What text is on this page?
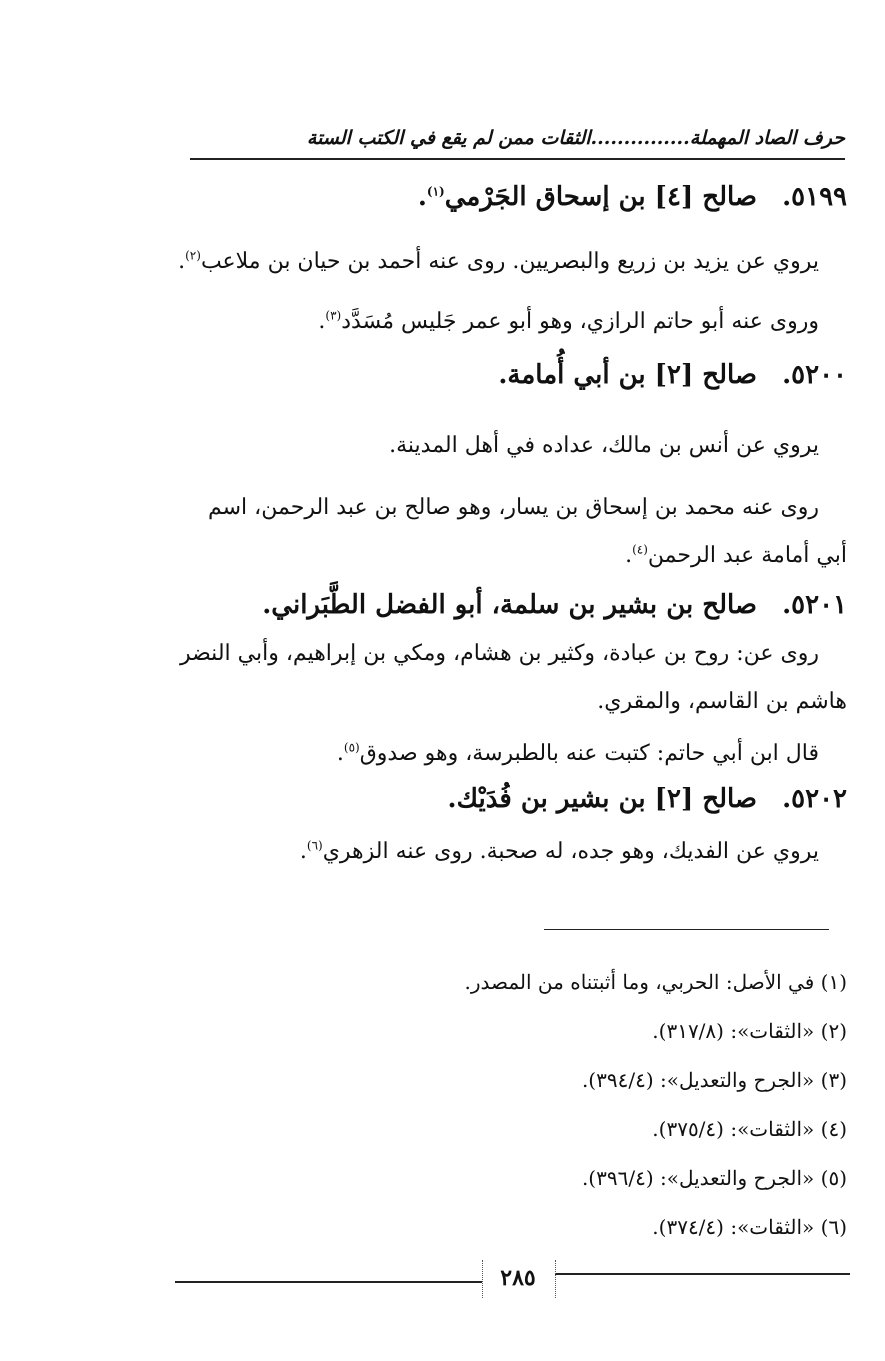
حرف الصاد المهملة...............الثقات ممن لم يقع في الكتب الستة
٥١٩٩. صالح [٤] بن إسحاق الجَرْمي$^{(١)}$.

يروي عن يزيد بن زريع والبصريين. روى عنه أحمد بن حيان بن ملاعب$^{(٢)}$.

وروى عنه أبو حاتم الرازي، وهو أبو عمر جَليس مُسَدَّد$^{(٣)}$.

٥٢٠٠. صالح [٢] بن أبي أُمامة.

يروي عن أنس بن مالك، عداده في أهل المدينة.

روى عنه محمد بن إسحاق بن يسار، وهو صالح بن عبد الرحمن، اسم أبي أمامة عبد الرحمن$^{(٤)}$.

٥٢٠١. صالح بن بشير بن سلمة، أبو الفضل الطَّبَراني.

روى عن: روح بن عبادة، وكثير بن هشام، ومكي بن إبراهيم، وأبي النضر هاشم بن القاسم، والمقري.

قال ابن أبي حاتم: كتبت عنه بالطبرسة، وهو صدوق$^{(٥)}$.

٥٢٠٢. صالح [٢] بن بشير بن فُدَيْك.

يروي عن الفديك، وهو جده، له صحبة. روى عنه الزهري$^{(٦)}$.

(١) في الأصل: الحربي، وما أثبتناه من المصدر.

(٢) «الثقات»: (٣١٧/٨).

(٣) «الجرح والتعديل»: (٣٩٤/٤).

(٤) «الثقات»: (٣٧٥/٤).

(٥) «الجرح والتعديل»: (٣٩٦/٤).

(٦) «الثقات»: (٣٧٤/٤).

٢٨٥
